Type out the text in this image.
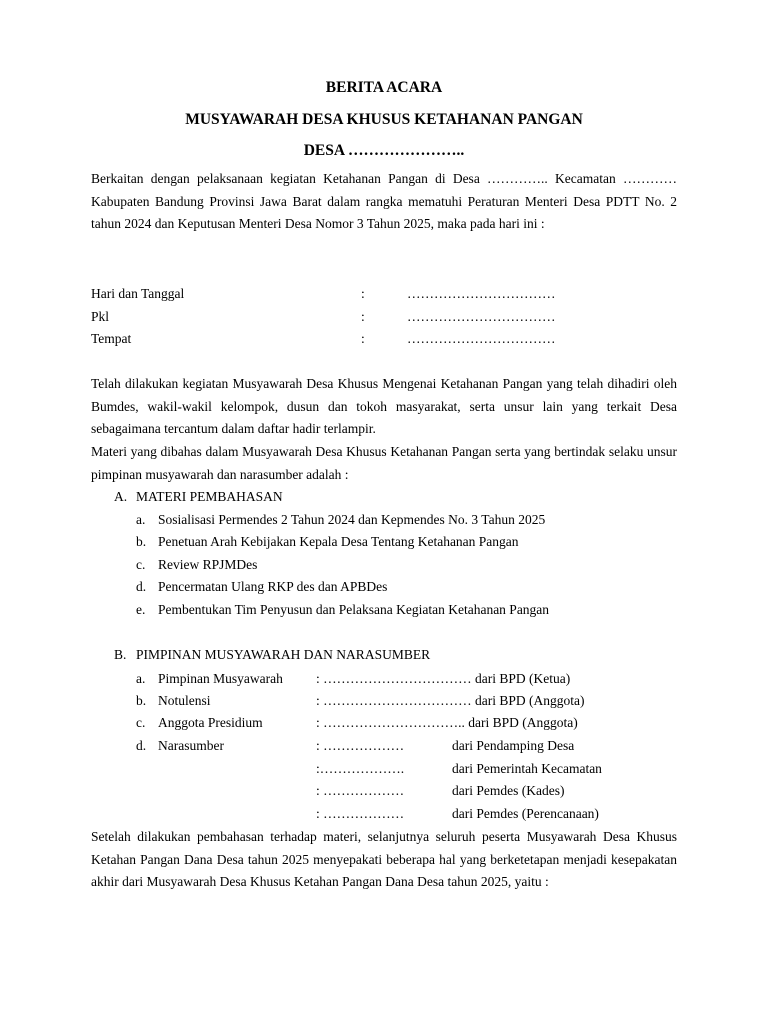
BERITA ACARA
MUSYAWARAH DESA KHUSUS KETAHANAN PANGAN
DESA …………………..
Berkaitan dengan pelaksanaan kegiatan Ketahanan Pangan di Desa ………….. Kecamatan …………Kabupaten Bandung Provinsi Jawa Barat dalam rangka mematuhi Peraturan Menteri Desa PDTT No. 2 tahun 2024 dan Keputusan Menteri Desa Nomor 3 Tahun 2025, maka pada hari ini :
Hari dan Tanggal	:	……………………………
Pkl	:	……………………………
Tempat	:	……………………………
Telah dilakukan kegiatan Musyawarah Desa Khusus Mengenai Ketahanan Pangan yang telah dihadiri oleh Bumdes, wakil-wakil kelompok, dusun dan tokoh masyarakat, serta unsur lain yang terkait Desa sebagaimana tercantum dalam daftar hadir terlampir.
Materi yang dibahas dalam Musyawarah Desa Khusus Ketahanan Pangan serta yang bertindak selaku unsur pimpinan musyawarah dan narasumber adalah :
A. MATERI PEMBAHASAN
a. Sosialisasi Permendes 2 Tahun 2024 dan Kepmendes No. 3 Tahun 2025
b. Penetuan Arah Kebijakan Kepala Desa Tentang Ketahanan Pangan
c. Review RPJMDes
d. Pencermatan Ulang RKP des dan APBDes
e. Pembentukan Tim Penyusun dan Pelaksana Kegiatan Ketahanan Pangan
B. PIMPINAN MUSYAWARAH DAN NARASUMBER
a. Pimpinan Musyawarah : …………………………… dari BPD (Ketua)
b. Notulensi	: …………………………… dari BPD (Anggota)
c. Anggota Presidium	: ………………………….. dari BPD (Anggota)
d. Narasumber	: ………………	dari Pendamping Desa
:……………….	dari Pemerintah Kecamatan
: ………………	dari Pemdes (Kades)
: ………………	dari Pemdes (Perencanaan)
Setelah dilakukan pembahasan terhadap materi, selanjutnya seluruh peserta Musyawarah Desa Khusus Ketahan Pangan Dana Desa tahun 2025 menyepakati beberapa hal yang berketetapan menjadi kesepakatan akhir dari Musyawarah Desa Khusus Ketahan Pangan Dana Desa tahun 2025, yaitu :
